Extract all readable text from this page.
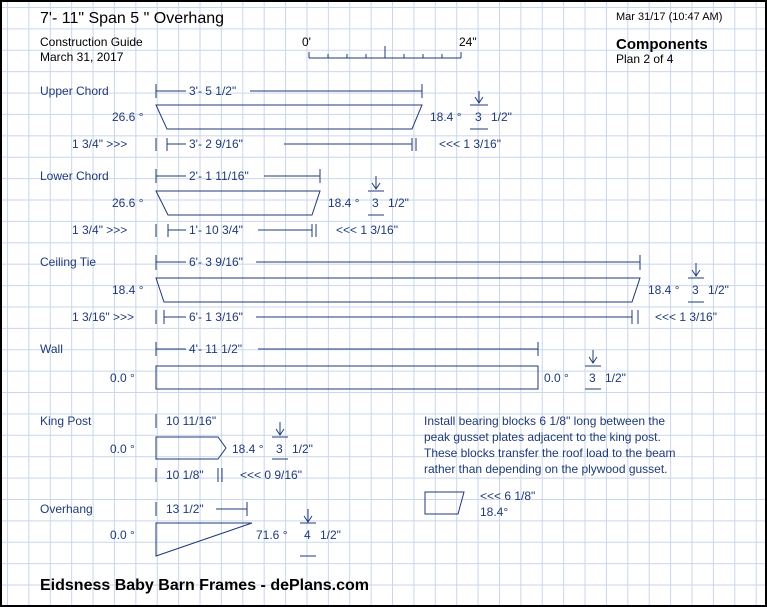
7'- 11" Span 5 " Overhang
Construction Guide
March 31, 2017
Mar 31/17 (10:47 AM)
Components
Plan 2 of 4
0'	24"
Upper Chord	3'- 5 1/2"
26.6 °	18.4 ° 3 1/2"
1 3/4" >>>	3'- 2 9/16"	<<< 1 3/16"
Lower Chord	2'- 1 11/16"
26.6 °	18.4 ° 3 1/2"
1 3/4" >>>	1'- 10 3/4"	<<< 1 3/16"
Ceiling Tie	6'- 3 9/16"
18.4 °	18.4 ° 3 1/2"
1 3/16" >>>	6'- 1 3/16"	<<< 1 3/16"
Wall	4'- 11 1/2"
0.0 °	0.0 ° 3 1/2"
King Post	10 11/16"
0.0 °	18.4 ° 3 1/2"
10 1/8"	<<< 0 9/16"
Overhang	13 1/2"
0.0 °	71.6 ° 4 1/2"
Install bearing blocks 6 1/8" long between the
peak gusset plates adjacent to the king post.
These blocks transfer the roof load to the beam
rather than depending on the plywood gusset.
<<< 6 1/8"
18.4°
Eidsness Baby Barn Frames - dePlans.com
